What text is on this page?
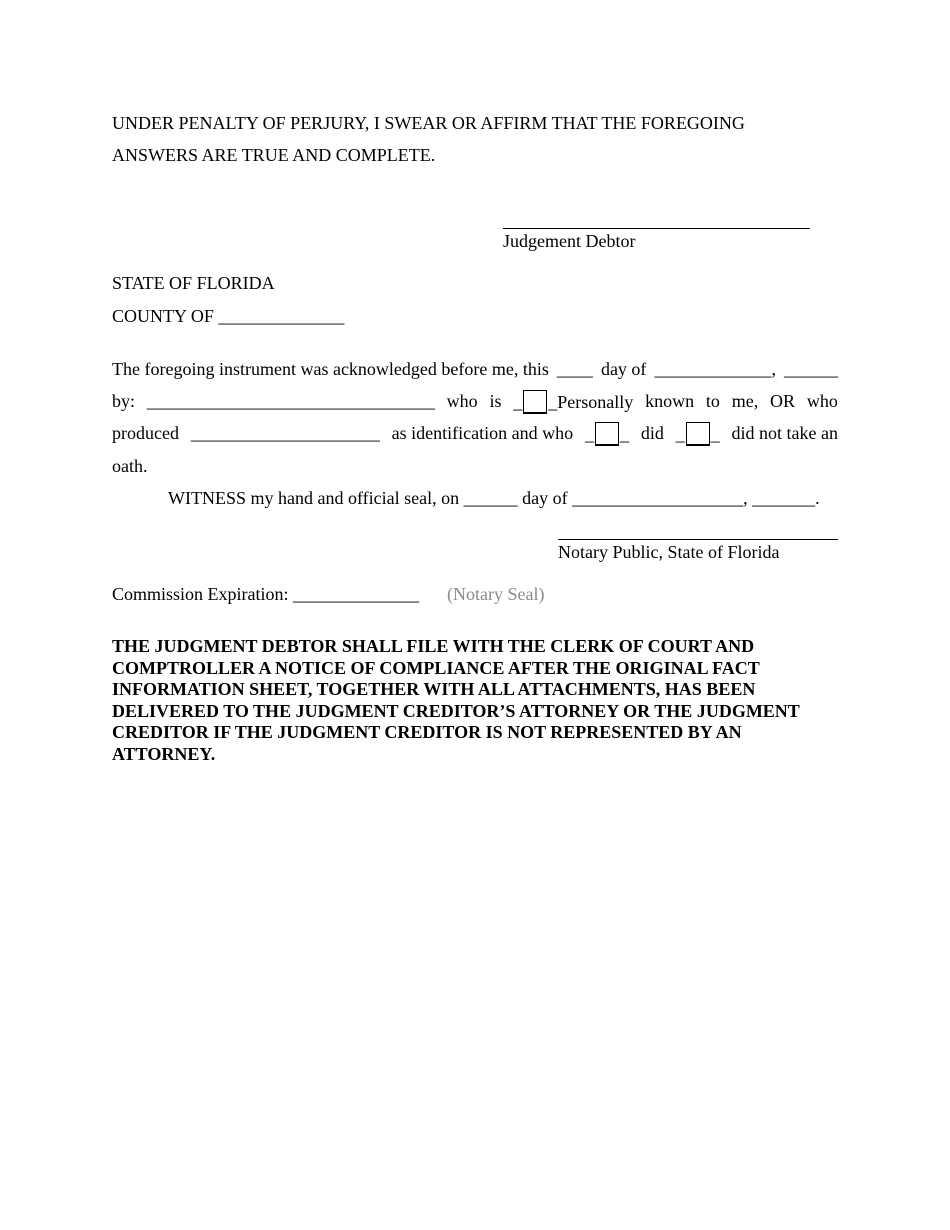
UNDER PENALTY OF PERJURY, I SWEAR OR AFFIRM THAT THE FOREGOING
ANSWERS ARE TRUE AND COMPLETE.
Judgement Debtor
STATE OF FLORIDA
COUNTY OF ______________
The foregoing instrument was acknowledged before me, this ____ day of _____________, ______
by: ________________________________ who is _ _Personally known to me, OR who
produced _____________________ as identification and who _ _ did _ _ did not take an
oath.
WITNESS my hand and official seal, on ______ day of ___________________, _______.
Notary Public, State of Florida
Commission Expiration: ______________ (Notary Seal)
THE JUDGMENT DEBTOR SHALL FILE WITH THE CLERK OF COURT AND
COMPTROLLER A NOTICE OF COMPLIANCE AFTER THE ORIGINAL FACT
INFORMATION SHEET, TOGETHER WITH ALL ATTACHMENTS, HAS BEEN
DELIVERED TO THE JUDGMENT CREDITOR’S ATTORNEY OR THE JUDGMENT
CREDITOR IF THE JUDGMENT CREDITOR IS NOT REPRESENTED BY AN
ATTORNEY.
